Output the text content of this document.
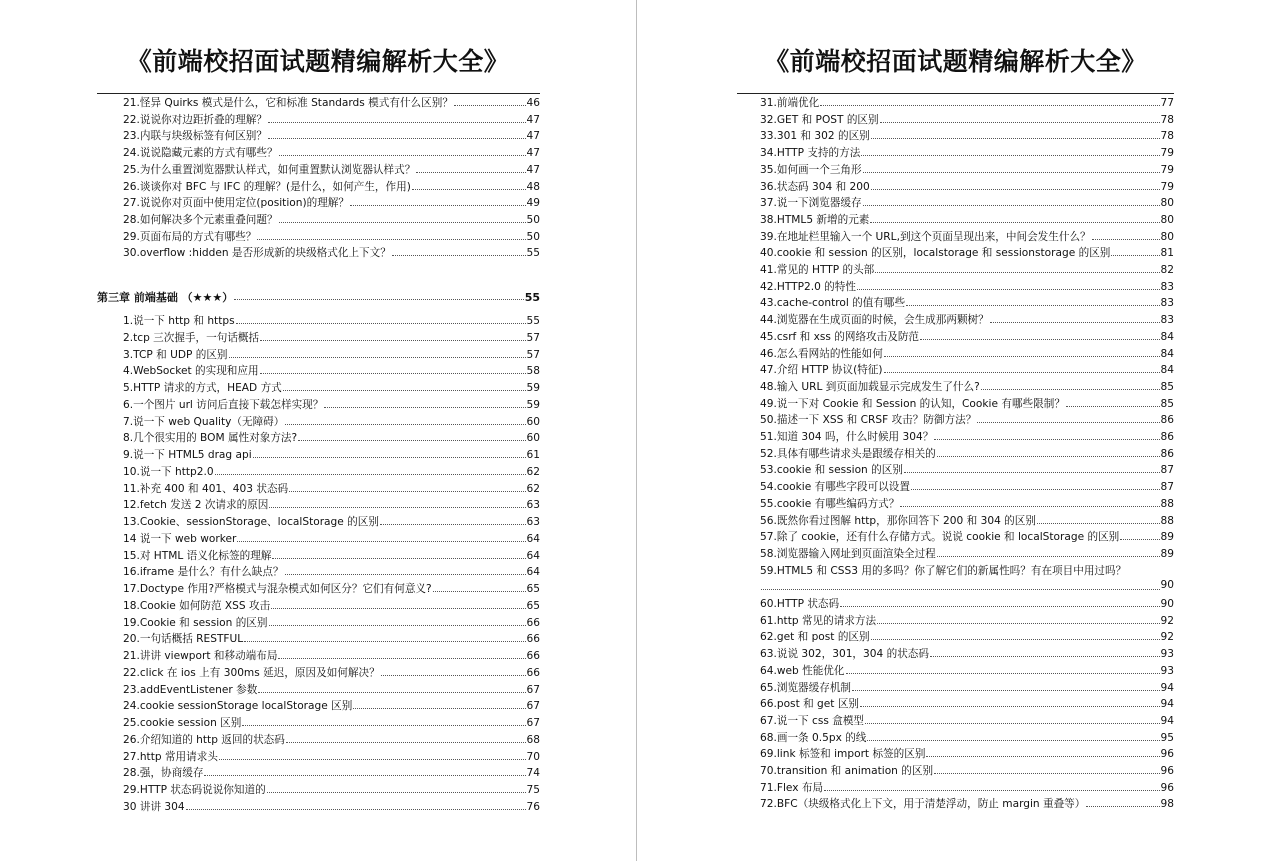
《前端校招面试题精编解析大全》
21.怪异 Quirks 模式是什么，它和标准 Standards 模式有什么区别？	46
22.说说你对边距折叠的理解？	47
23.内联与块级标签有何区别？	47
24.说说隐藏元素的方式有哪些？	47
25.为什么重置浏览器默认样式，如何重置默认浏览器认样式？	47
26.谈谈你对 BFC 与 IFC 的理解？(是什么，如何产生，作用)	48
27.说说你对页面中使用定位(position)的理解？	49
28.如何解决多个元素重叠问题？	50
29.页面布局的方式有哪些？	50
30.overflow :hidden 是否形成新的块级格式化上下文？	55
第三章 前端基础 （★★★）	55
1.说一下 http 和 https	55
2.tcp 三次握手，一句话概括	57
3.TCP 和 UDP 的区别	57
4.WebSocket 的实现和应用	58
5.HTTP 请求的方式，HEAD 方式	59
6.一个图片 url 访问后直接下载怎样实现？	59
7.说一下 web Quality（无障碍）	60
8.几个很实用的 BOM 属性对象方法?	60
9.说一下 HTML5 drag api	61
10.说一下 http2.0	62
11.补充 400 和 401、403 状态码	62
12.fetch 发送 2 次请求的原因	63
13.Cookie、sessionStorage、localStorage 的区别	63
14 说一下 web worker	64
15.对 HTML 语义化标签的理解	64
16.iframe 是什么？有什么缺点？	64
17.Doctype 作用?严格模式与混杂模式如何区分？它们有何意义?	65
18.Cookie 如何防范 XSS 攻击	65
19.Cookie 和 session 的区别	66
20.一句话概括 RESTFUL	66
21.讲讲 viewport 和移动端布局	66
22.click 在 ios 上有 300ms 延迟，原因及如何解决？	66
23.addEventListener 参数	67
24.cookie sessionStorage localStorage 区别	67
25.cookie session 区别	67
26.介绍知道的 http 返回的状态码	68
27.http 常用请求头	70
28.强，协商缓存	74
29.HTTP 状态码说说你知道的	75
30 讲讲 304	76
《前端校招面试题精编解析大全》
31.前端优化	77
32.GET 和 POST 的区别	78
33.301 和 302 的区别	78
34.HTTP 支持的方法	79
35.如何画一个三角形	79
36.状态码 304 和 200	79
37.说一下浏览器缓存	80
38.HTML5 新增的元素	80
39.在地址栏里输入一个 URL,到这个页面呈现出来，中间会发生什么？	80
40.cookie 和 session 的区别，localstorage 和 sessionstorage 的区别	81
41.常见的 HTTP 的头部	82
42.HTTP2.0 的特性	83
43.cache-control 的值有哪些	83
44.浏览器在生成页面的时候，会生成那两颗树？	83
45.csrf 和 xss 的网络攻击及防范	84
46.怎么看网站的性能如何	84
47.介绍 HTTP 协议(特征)	84
48.输入 URL 到页面加载显示完成发生了什么?	85
49.说一下对 Cookie 和 Session 的认知，Cookie 有哪些限制？	85
50.描述一下 XSS 和 CRSF 攻击？防御方法？	86
51.知道 304 吗，什么时候用 304？	86
52.具体有哪些请求头是跟缓存相关的	86
53.cookie 和 session 的区别	87
54.cookie 有哪些字段可以设置	87
55.cookie 有哪些编码方式？	88
56.既然你看过图解 http，那你回答下 200 和 304 的区别	88
57.除了 cookie，还有什么存储方式。说说 cookie 和 localStorage 的区别	89
58.浏览器输入网址到页面渲染全过程	89
59.HTML5 和 CSS3 用的多吗？你了解它们的新属性吗？有在项目中用过吗？
90
60.HTTP 状态码	90
61.http 常见的请求方法	92
62.get 和 post 的区别	92
63.说说 302，301，304 的状态码	93
64.web 性能优化	93
65.浏览器缓存机制	94
66.post 和 get 区别	94
67.说一下 css 盒模型	94
68.画一条 0.5px 的线	95
69.link 标签和 import 标签的区别	96
70.transition 和 animation 的区别	96
71.Flex 布局	96
72.BFC（块级格式化上下文，用于清楚浮动，防止 margin 重叠等）	98
